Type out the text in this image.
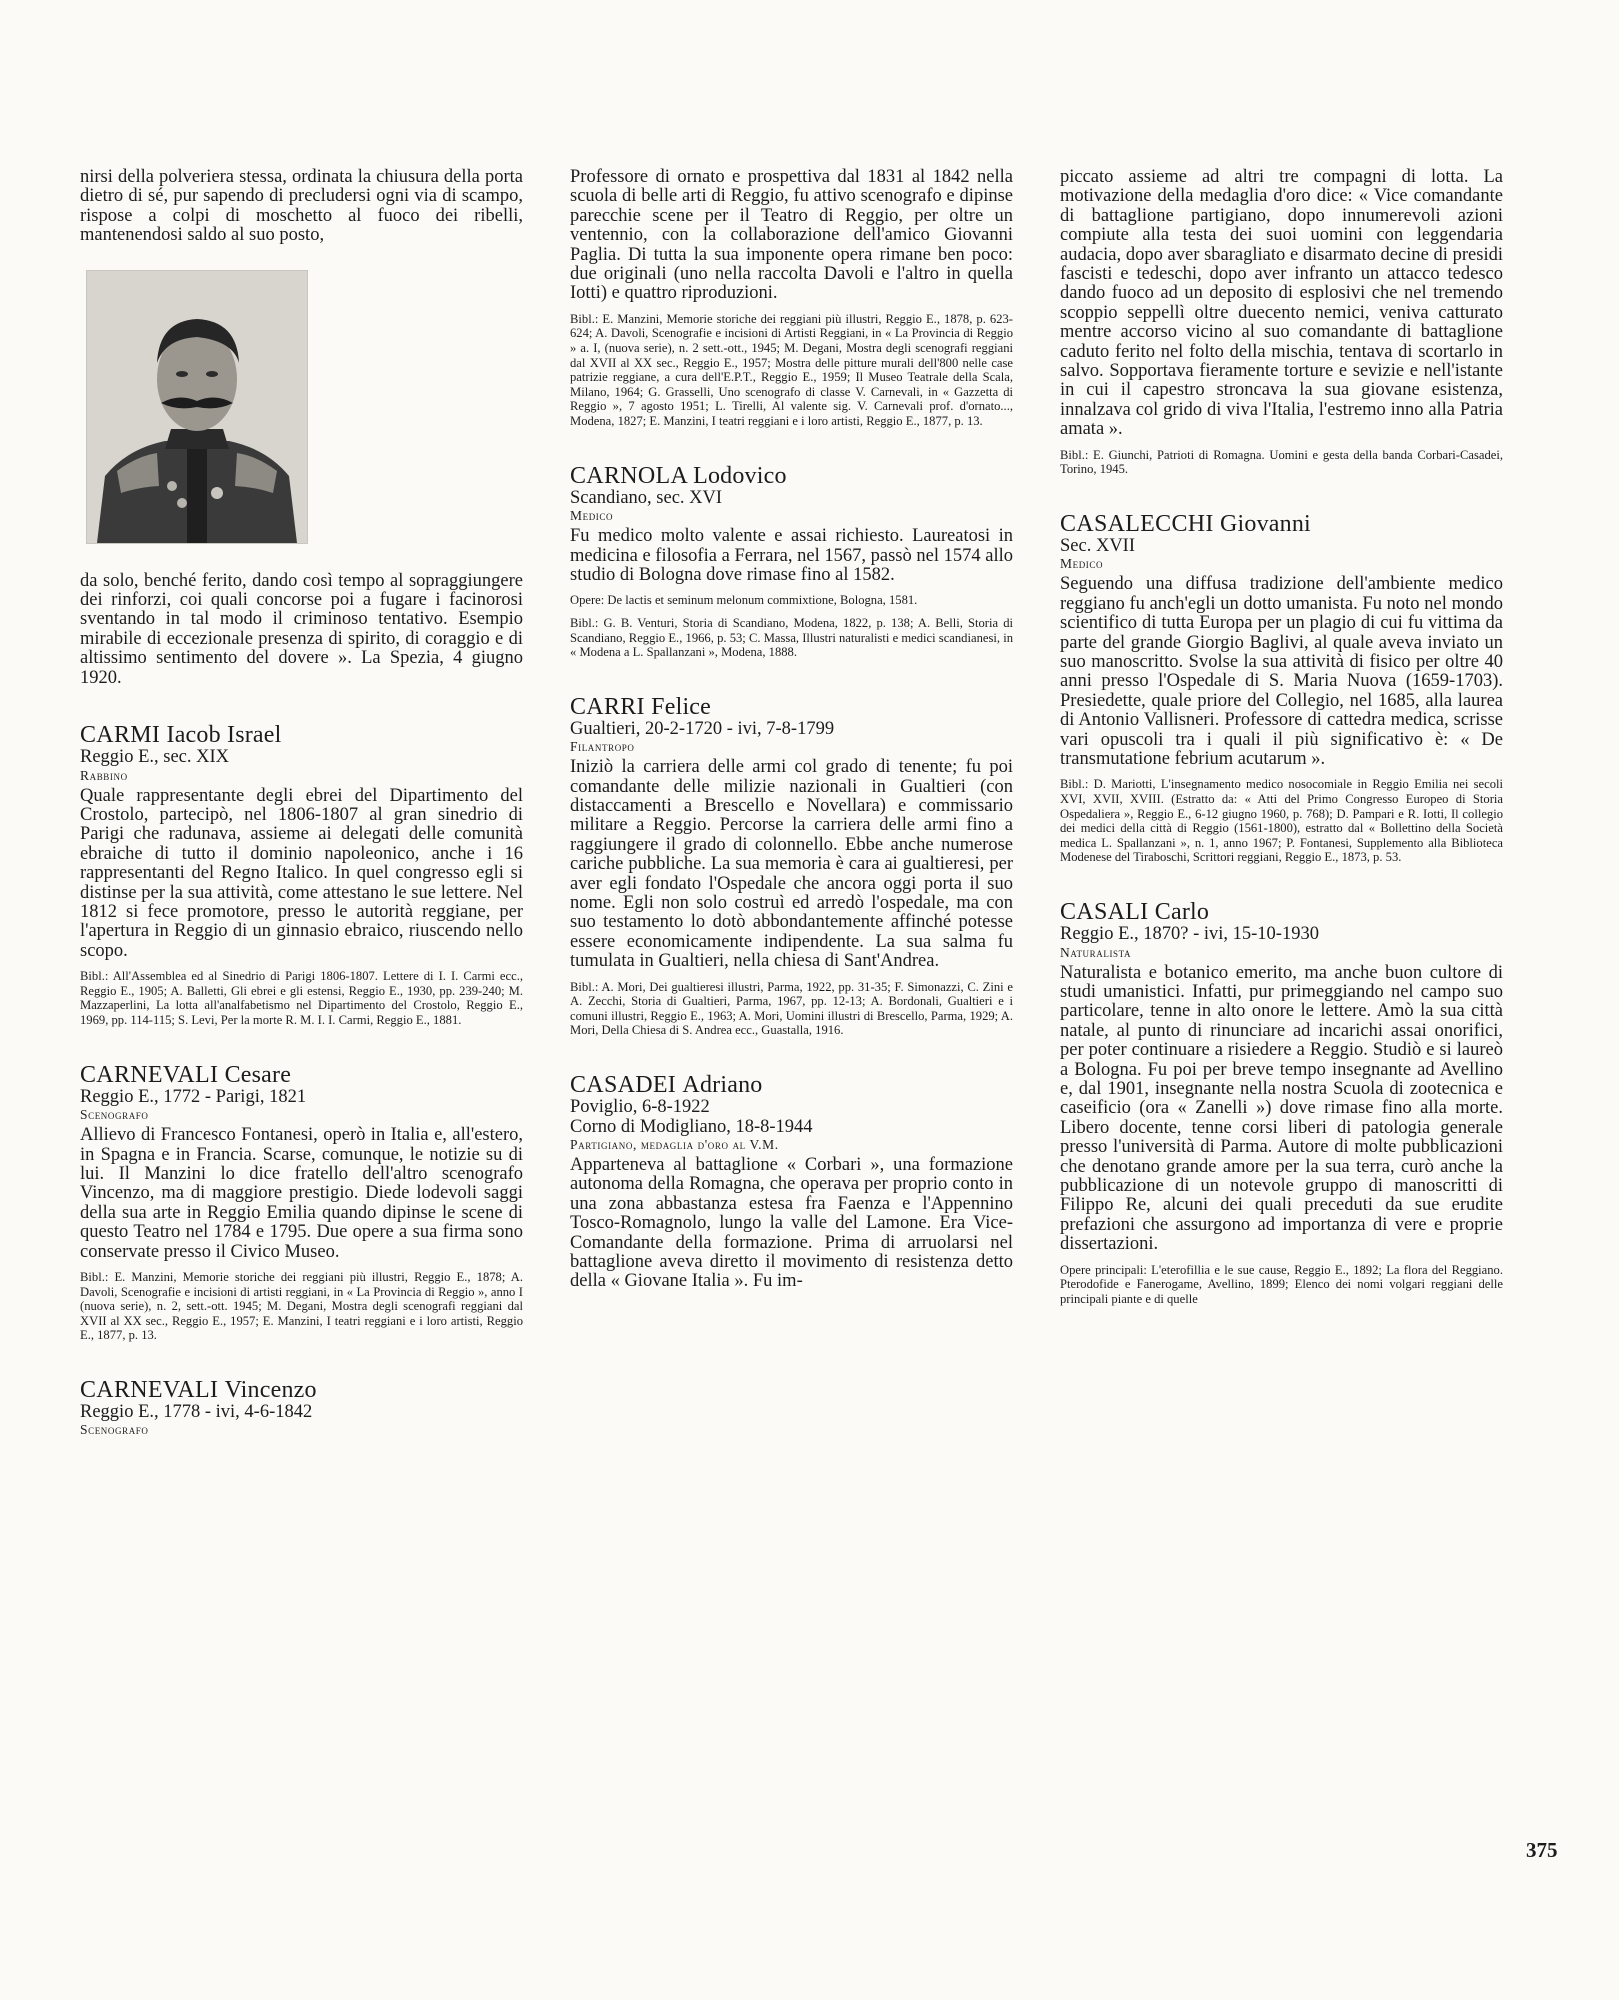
nirsi della polveriera stessa, ordinata la chiusura della porta dietro di sé, pur sapendo di precludersi ogni via di scampo, rispose a colpi di moschetto al fuoco dei ribelli, mantenendosi saldo al suo posto,

da solo, benché ferito, dando così tempo al sopraggiungere dei rinforzi, coi quali concorse poi a fugare i facinorosi sventando in tal modo il criminoso tentativo. Esempio mirabile di eccezionale presenza di spirito, di coraggio e di altissimo sentimento del dovere ». La Spezia, 4 giugno 1920.

CARMI Iacob Israel
Reggio E., sec. XIX
Rabbino

Quale rappresentante degli ebrei del Dipartimento del Crostolo, partecipò, nel 1806-1807 al gran sinedrio di Parigi che radunava, assieme ai delegati delle comunità ebraiche di tutto il dominio napoleonico, anche i 16 rappresentanti del Regno Italico. In quel congresso egli si distinse per la sua attività, come attestano le sue lettere. Nel 1812 si fece promotore, presso le autorità reggiane, per l'apertura in Reggio di un ginnasio ebraico, riuscendo nello scopo.

Bibl.: All'Assemblea ed al Sinedrio di Parigi 1806-1807. Lettere di I. I. Carmi ecc., Reggio E., 1905; A. Balletti, Gli ebrei e gli estensi, Reggio E., 1930, pp. 239-240; M. Mazzaperlini, La lotta all'analfabetismo nel Dipartimento del Crostolo, Reggio E., 1969, pp. 114-115; S. Levi, Per la morte R. M. I. I. Carmi, Reggio E., 1881.

CARNEVALI Cesare
Reggio E., 1772 - Parigi, 1821
Scenografo

Allievo di Francesco Fontanesi, operò in Italia e, all'estero, in Spagna e in Francia. Scarse, comunque, le notizie su di lui. Il Manzini lo dice fratello dell'altro scenografo Vincenzo, ma di maggiore prestigio. Diede lodevoli saggi della sua arte in Reggio Emilia quando dipinse le scene di questo Teatro nel 1784 e 1795. Due opere a sua firma sono conservate presso il Civico Museo.

Bibl.: E. Manzini, Memorie storiche dei reggiani più illustri, Reggio E., 1878; A. Davoli, Scenografie e incisioni di artisti reggiani, in « La Provincia di Reggio », anno I (nuova serie), n. 2, sett.-ott. 1945; M. Degani, Mostra degli scenografi reggiani dal XVII al XX sec., Reggio E., 1957; E. Manzini, I teatri reggiani e i loro artisti, Reggio E., 1877, p. 13.

CARNEVALI Vincenzo
Reggio E., 1778 - ivi, 4-6-1842
Scenografo

Professore di ornato e prospettiva dal 1831 al 1842 nella scuola di belle arti di Reggio, fu attivo scenografo e dipinse parecchie scene per il Teatro di Reggio, per oltre un ventennio, con la collaborazione dell'amico Giovanni Paglia. Di tutta la sua imponente opera rimane ben poco: due originali (uno nella raccolta Davoli e l'altro in quella Iotti) e quattro riproduzioni.

Bibl.: E. Manzini, Memorie storiche dei reggiani più illustri, Reggio E., 1878, p. 623-624; A. Davoli, Scenografie e incisioni di Artisti Reggiani, in « La Provincia di Reggio » a. I, (nuova serie), n. 2 sett.-ott., 1945; M. Degani, Mostra degli scenografi reggiani dal XVII al XX sec., Reggio E., 1957; Mostra delle pitture murali dell'800 nelle case patrizie reggiane, a cura dell'E.P.T., Reggio E., 1959; Il Museo Teatrale della Scala, Milano, 1964; G. Grasselli, Uno scenografo di classe V. Carnevali, in « Gazzetta di Reggio », 7 agosto 1951; L. Tirelli, Al valente sig. V. Carnevali prof. d'ornato..., Modena, 1827; E. Manzini, I teatri reggiani e i loro artisti, Reggio E., 1877, p. 13.

CARNOLA Lodovico
Scandiano, sec. XVI
Medico

Fu medico molto valente e assai richiesto. Laureatosi in medicina e filosofia a Ferrara, nel 1567, passò nel 1574 allo studio di Bologna dove rimase fino al 1582.

Opere: De lactis et seminum melonum commixtione, Bologna, 1581.

Bibl.: G. B. Venturi, Storia di Scandiano, Modena, 1822, p. 138; A. Belli, Storia di Scandiano, Reggio E., 1966, p. 53; C. Massa, Illustri naturalisti e medici scandianesi, in « Modena a L. Spallanzani », Modena, 1888.

CARRI Felice
Gualtieri, 20-2-1720 - ivi, 7-8-1799
Filantropo

Iniziò la carriera delle armi col grado di tenente; fu poi comandante delle milizie nazionali in Gualtieri (con distaccamenti a Brescello e Novellara) e commissario militare a Reggio. Percorse la carriera delle armi fino a raggiungere il grado di colonnello. Ebbe anche numerose cariche pubbliche. La sua memoria è cara ai gualtieresi, per aver egli fondato l'Ospedale che ancora oggi porta il suo nome. Egli non solo costruì ed arredò l'ospedale, ma con suo testamento lo dotò abbondantemente affinché potesse essere economicamente indipendente. La sua salma fu tumulata in Gualtieri, nella chiesa di Sant'Andrea.

Bibl.: A. Mori, Dei gualtieresi illustri, Parma, 1922, pp. 31-35; F. Simonazzi, C. Zini e A. Zecchi, Storia di Gualtieri, Parma, 1967, pp. 12-13; A. Bordonali, Gualtieri e i comuni illustri, Reggio E., 1963; A. Mori, Uomini illustri di Brescello, Parma, 1929; A. Mori, Della Chiesa di S. Andrea ecc., Guastalla, 1916.

CASADEI Adriano
Poviglio, 6-8-1922
Corno di Modigliano, 18-8-1944
Partigiano, medaglia d'oro al V.M.

Apparteneva al battaglione « Corbari », una formazione autonoma della Romagna, che operava per proprio conto in una zona abbastanza estesa fra Faenza e l'Appennino Tosco-Romagnolo, lungo la valle del Lamone. Era Vice-Comandante della formazione. Prima di arruolarsi nel battaglione aveva diretto il movimento di resistenza detto della « Giovane Italia ». Fu im-

piccato assieme ad altri tre compagni di lotta. La motivazione della medaglia d'oro dice: « Vice comandante di battaglione partigiano, dopo innumerevoli azioni compiute alla testa dei suoi uomini con leggendaria audacia, dopo aver sbaragliato e disarmato decine di presidi fascisti e tedeschi, dopo aver infranto un attacco tedesco dando fuoco ad un deposito di esplosivi che nel tremendo scoppio seppellì oltre duecento nemici, veniva catturato mentre accorso vicino al suo comandante di battaglione caduto ferito nel folto della mischia, tentava di scortarlo in salvo. Sopportava fieramente torture e sevizie e nell'istante in cui il capestro stroncava la sua giovane esistenza, innalzava col grido di viva l'Italia, l'estremo inno alla Patria amata ».

Bibl.: E. Giunchi, Patrioti di Romagna. Uomini e gesta della banda Corbari-Casadei, Torino, 1945.

CASALECCHI Giovanni
Sec. XVII
Medico

Seguendo una diffusa tradizione dell'ambiente medico reggiano fu anch'egli un dotto umanista. Fu noto nel mondo scientifico di tutta Europa per un plagio di cui fu vittima da parte del grande Giorgio Baglivi, al quale aveva inviato un suo manoscritto. Svolse la sua attività di fisico per oltre 40 anni presso l'Ospedale di S. Maria Nuova (1659-1703). Presiedette, quale priore del Collegio, nel 1685, alla laurea di Antonio Vallisneri. Professore di cattedra medica, scrisse vari opuscoli tra i quali il più significativo è: « De transmutatione febrium acutarum ».

Bibl.: D. Mariotti, L'insegnamento medico nosocomiale in Reggio Emilia nei secoli XVI, XVII, XVIII. (Estratto da: « Atti del Primo Congresso Europeo di Storia Ospedaliera », Reggio E., 6-12 giugno 1960, p. 768); D. Pampari e R. Iotti, Il collegio dei medici della città di Reggio (1561-1800), estratto dal « Bollettino della Società medica L. Spallanzani », n. 1, anno 1967; P. Fontanesi, Supplemento alla Biblioteca Modenese del Tiraboschi, Scrittori reggiani, Reggio E., 1873, p. 53.

CASALI Carlo
Reggio E., 1870? - ivi, 15-10-1930
Naturalista

Naturalista e botanico emerito, ma anche buon cultore di studi umanistici. Infatti, pur primeggiando nel campo suo particolare, tenne in alto onore le lettere. Amò la sua città natale, al punto di rinunciare ad incarichi assai onorifici, per poter continuare a risiedere a Reggio. Studiò e si laureò a Bologna. Fu poi per breve tempo insegnante ad Avellino e, dal 1901, insegnante nella nostra Scuola di zootecnica e caseificio (ora « Zanelli ») dove rimase fino alla morte. Libero docente, tenne corsi liberi di patologia generale presso l'università di Parma. Autore di molte pubblicazioni che denotano grande amore per la sua terra, curò anche la pubblicazione di un notevole gruppo di manoscritti di Filippo Re, alcuni dei quali preceduti da sue erudite prefazioni che assurgono ad importanza di vere e proprie dissertazioni.

Opere principali: L'eterofillia e le sue cause, Reggio E., 1892; La flora del Reggiano. Pterodofide e Fanerogame, Avellino, 1899; Elenco dei nomi volgari reggiani delle principali piante e di quelle

375
